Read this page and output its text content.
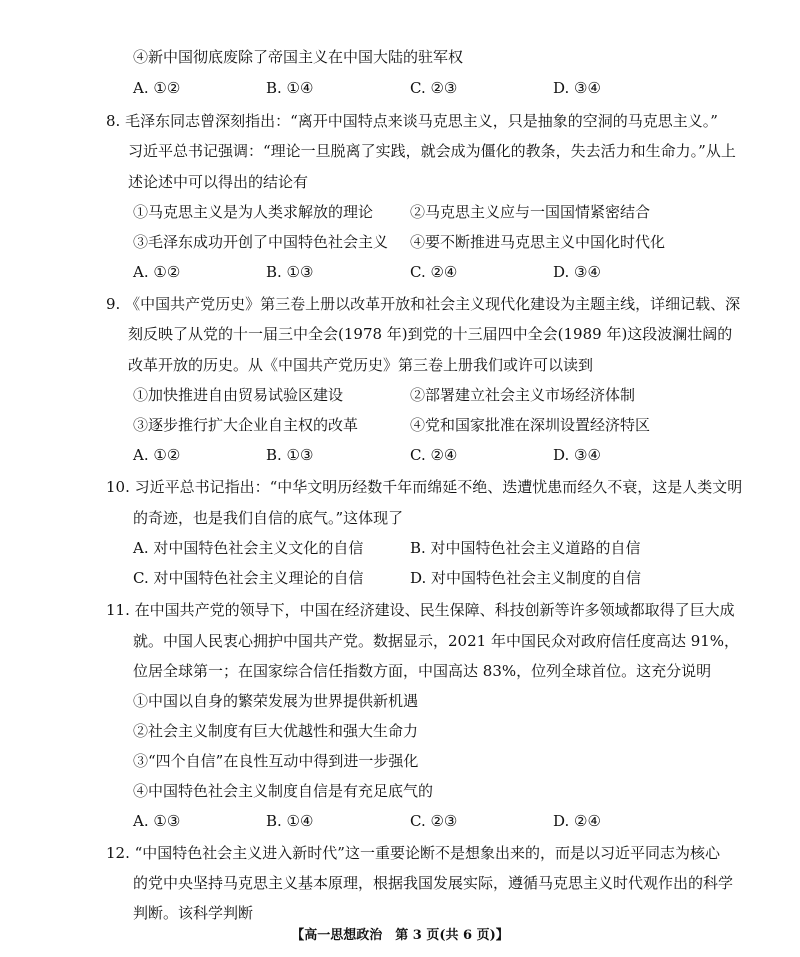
④新中国彻底废除了帝国主义在中国大陆的驻军权
A. ①②	B. ①④	C. ②③	D. ③④
8. 毛泽东同志曾深刻指出：“离开中国特点来谈马克思主义，只是抽象的空洞的马克思主义。”
习近平总书记强调：“理论一旦脱离了实践，就会成为僵化的教条，失去活力和生命力。”从上
述论述中可以得出的结论有
①马克思主义是为人类求解放的理论 ②马克思主义应与一国国情紧密结合
③毛泽东成功开创了中国特色社会主义 ④要不断推进马克思主义中国化时代化
A. ①②	B. ①③	C. ②④	D. ③④
9. 《中国共产党历史》第三卷上册以改革开放和社会主义现代化建设为主题主线，详细记载、深
刻反映了从党的十一届三中全会(1978 年)到党的十三届四中全会(1989 年)这段波澜壮阔的
改革开放的历史。从《中国共产党历史》第三卷上册我们或许可以读到
①加快推进自由贸易试验区建设	②部署建立社会主义市场经济体制
③逐步推行扩大企业自主权的改革	④党和国家批准在深圳设置经济特区
A. ①②	B. ①③	C. ②④	D. ③④
10. 习近平总书记指出：“中华文明历经数千年而绵延不绝、迭遭忧患而经久不衰，这是人类文明
的奇迹，也是我们自信的底气。”这体现了
A. 对中国特色社会主义文化的自信	B. 对中国特色社会主义道路的自信
C. 对中国特色社会主义理论的自信	D. 对中国特色社会主义制度的自信
11. 在中国共产党的领导下，中国在经济建设、民生保障、科技创新等许多领域都取得了巨大成
就。中国人民衷心拥护中国共产党。数据显示，2021 年中国民众对政府信任度高达 91%，
位居全球第一；在国家综合信任指数方面，中国高达 83%，位列全球首位。这充分说明
①中国以自身的繁荣发展为世界提供新机遇
②社会主义制度有巨大优越性和强大生命力
③“四个自信”在良性互动中得到进一步强化
④中国特色社会主义制度自信是有充足底气的
A. ①③	B. ①④	C. ②③	D. ②④
12. “中国特色社会主义进入新时代”这一重要论断不是想象出来的，而是以习近平同志为核心
的党中央坚持马克思主义基本原理，根据我国发展实际，遵循马克思主义时代观作出的科学
判断。该科学判断
【高一思想政治　第 3 页(共 6 页)】
